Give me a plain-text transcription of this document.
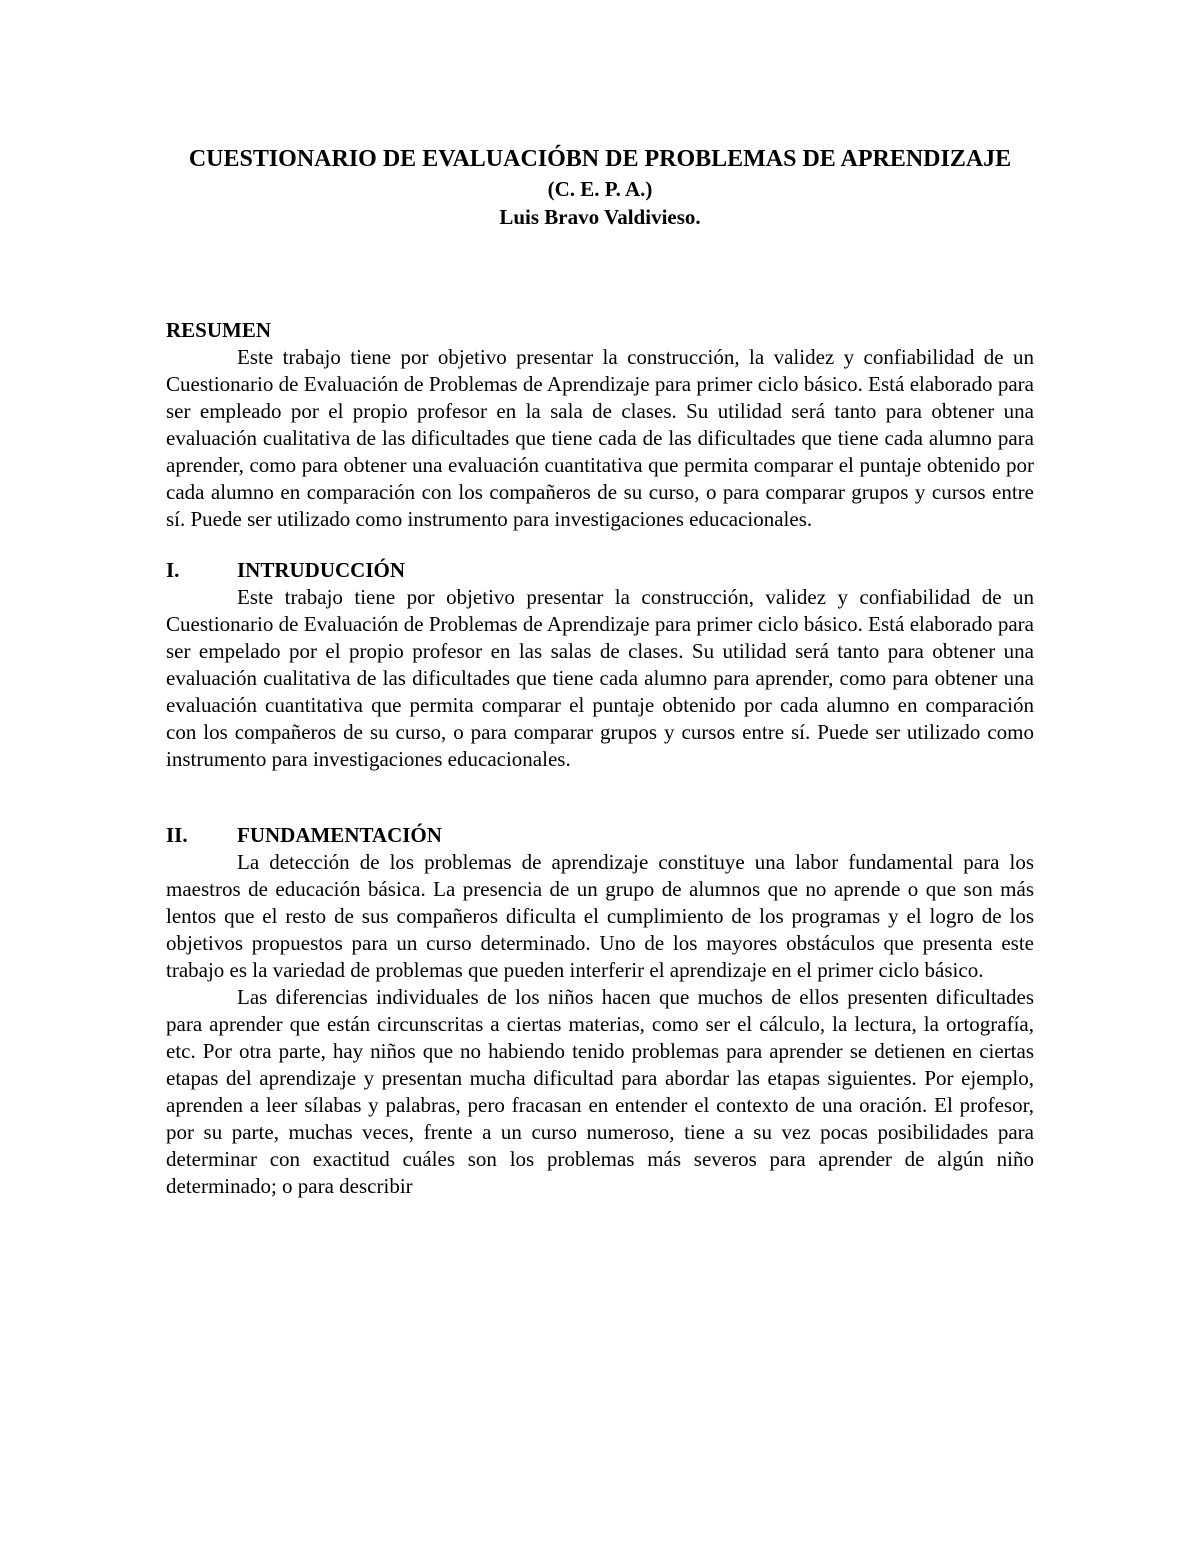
CUESTIONARIO DE EVALUACIÓBN DE PROBLEMAS DE APRENDIZAJE
(C. E. P. A.)
Luis Bravo Valdivieso.
RESUMEN

Este trabajo tiene por objetivo presentar la construcción, la validez y confiabilidad de un Cuestionario de Evaluación de Problemas de Aprendizaje para primer ciclo básico. Está elaborado para ser empleado por el propio profesor en la sala de clases. Su utilidad será tanto para obtener una evaluación cualitativa de las dificultades que tiene cada de las dificultades que tiene cada alumno para aprender, como para obtener una evaluación cuantitativa que permita comparar el puntaje obtenido por cada alumno en comparación con los compañeros de su curso, o para comparar grupos y cursos entre sí. Puede ser utilizado como instrumento para investigaciones educacionales.

I.	INTRUDUCCIÓN

Este trabajo tiene por objetivo presentar la construcción, validez y confiabilidad de un Cuestionario de Evaluación de Problemas de Aprendizaje para primer ciclo básico. Está elaborado para ser empelado por el propio profesor en las salas de clases. Su utilidad será tanto para obtener una evaluación cualitativa de las dificultades que tiene cada alumno para aprender, como para obtener una evaluación cuantitativa que permita comparar el puntaje obtenido por cada alumno en comparación con los compañeros de su curso, o para comparar grupos y cursos entre sí. Puede ser utilizado como instrumento para investigaciones educacionales.

II.	FUNDAMENTACIÓN

La detección de los problemas de aprendizaje constituye una labor fundamental para los maestros de educación básica. La presencia de un grupo de alumnos que no aprende o que son más lentos que el resto de sus compañeros dificulta el cumplimiento de los programas y el logro de los objetivos propuestos para un curso determinado. Uno de los mayores obstáculos que presenta este trabajo es la variedad de problemas que pueden interferir el aprendizaje en el primer ciclo básico.

Las diferencias individuales de los niños hacen que muchos de ellos presenten dificultades para aprender que están circunscritas a ciertas materias, como ser el cálculo, la lectura, la ortografía, etc. Por otra parte, hay niños que no habiendo tenido problemas para aprender se detienen en ciertas etapas del aprendizaje y presentan mucha dificultad para abordar las etapas siguientes. Por ejemplo, aprenden a leer sílabas y palabras, pero fracasan en entender el contexto de una oración. El profesor, por su parte, muchas veces, frente a un curso numeroso, tiene a su vez pocas posibilidades para determinar con exactitud cuáles son los problemas más severos para aprender de algún niño determinado; o para describir
